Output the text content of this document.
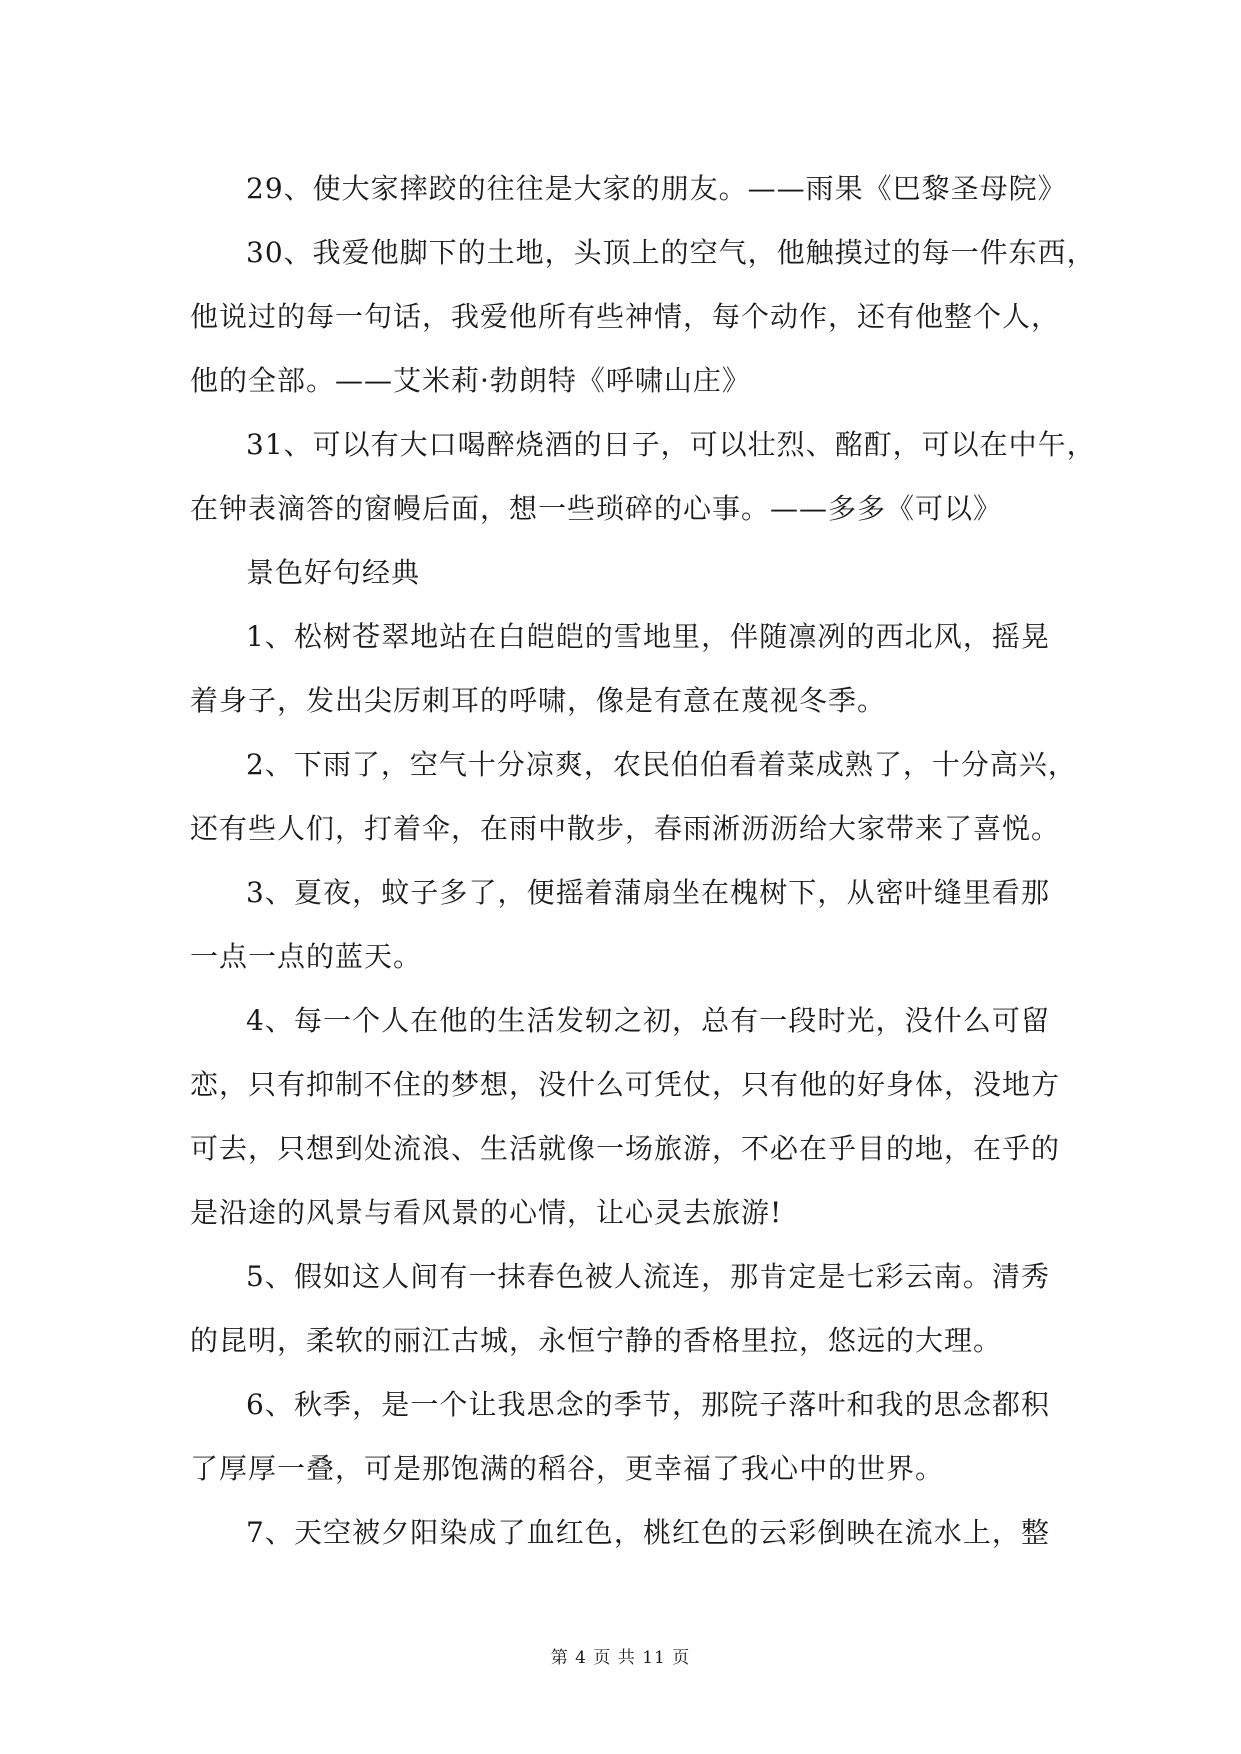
29、使大家摔跤的往往是大家的朋友。——雨果《巴黎圣母院》

30、我爱他脚下的土地，头顶上的空气，他触摸过的每一件东西，
他说过的每一句话，我爱他所有些神情，每个动作，还有他整个人，
他的全部。——艾米莉·勃朗特《呼啸山庄》

31、可以有大口喝醉烧酒的日子，可以壮烈、酩酊，可以在中午，
在钟表滴答的窗幔后面，想一些琐碎的心事。——多多《可以》

景色好句经典

1、松树苍翠地站在白皑皑的雪地里，伴随凛冽的西北风，摇晃
着身子，发出尖厉刺耳的呼啸，像是有意在蔑视冬季。

2、下雨了，空气十分凉爽，农民伯伯看着菜成熟了，十分高兴，
还有些人们，打着伞，在雨中散步，春雨淅沥沥给大家带来了喜悦。

3、夏夜，蚊子多了，便摇着蒲扇坐在槐树下，从密叶缝里看那
一点一点的蓝天。

4、每一个人在他的生活发轫之初，总有一段时光，没什么可留
恋，只有抑制不住的梦想，没什么可凭仗，只有他的好身体，没地方
可去，只想到处流浪、生活就像一场旅游，不必在乎目的地，在乎的
是沿途的风景与看风景的心情，让心灵去旅游!

5、假如这人间有一抹春色被人流连，那肯定是七彩云南。清秀
的昆明，柔软的丽江古城，永恒宁静的香格里拉，悠远的大理。

6、秋季，是一个让我思念的季节，那院子落叶和我的思念都积
了厚厚一叠，可是那饱满的稻谷，更幸福了我心中的世界。

7、天空被夕阳染成了血红色，桃红色的云彩倒映在流水上，整

第 4 页 共 11 页
